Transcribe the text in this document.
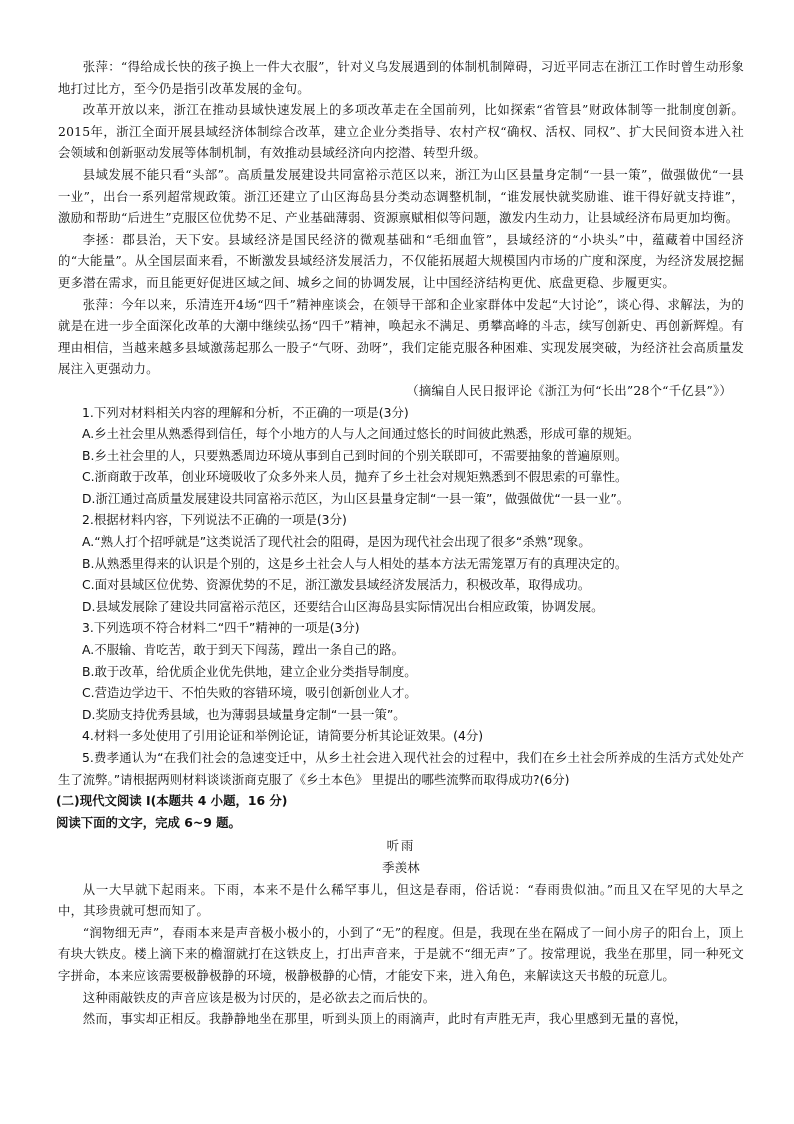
张萍：“得给成长快的孩子换上一件大衣服”，针对义乌发展遇到的体制机制障碍，习近平同志在浙江工作时曾生动形象地打过比方，至今仍是指引改革发展的金句。

改革开放以来，浙江在推动县域快速发展上的多项改革走在全国前列，比如探索“省管县”财政体制等一批制度创新。2015年，浙江全面开展县域经济体制综合改革，建立企业分类指导、农村产权“确权、活权、同权”、扩大民间资本进入社会领域和创新驱动发展等体制机制，有效推动县域经济向内挖潜、转型升级。

县域发展不能只看“头部”。高质量发展建设共同富裕示范区以来，浙江为山区县量身定制“一县一策”，做强做优“一县一业”，出台一系列超常规政策。浙江还建立了山区海岛县分类动态调整机制，“谁发展快就奖励谁、谁干得好就支持谁”，激励和帮助“后进生”克服区位优势不足、产业基础薄弱、资源禀赋相似等问题，激发内生动力，让县域经济布局更加均衡。

李拯：郡县治，天下安。县域经济是国民经济的微观基础和“毛细血管”，县域经济的“小块头”中，蕴藏着中国经济的“大能量”。从全国层面来看，不断激发县域经济发展活力，不仅能拓展超大规模国内市场的广度和深度，为经济发展挖掘更多潜在需求，而且能更好促进区域之间、城乡之间的协调发展，让中国经济结构更优、底盘更稳、步履更实。

张萍：今年以来，乐清连开4场“四千”精神座谈会，在领导干部和企业家群体中发起“大讨论”，谈心得、求解法，为的就是在进一步全面深化改革的大潮中继续弘扬“四千”精神，唤起永不满足、勇攀高峰的斗志，续写创新史、再创新辉煌。有理由相信，当越来越多县域激荡起那么一股子“气呀、劲呀”，我们定能克服各种困难、实现发展突破，为经济社会高质量发展注入更强动力。

（摘编自人民日报评论《浙江为何“长出”28个“千亿县”》）

1.下列对材料相关内容的理解和分析，不正确的一项是(3分)

A.乡土社会里从熟悉得到信任，每个小地方的人与人之间通过悠长的时间彼此熟悉，形成可靠的规矩。

B.乡土社会里的人，只要熟悉周边环境从事到自己到时间的个别关联即可，不需要抽象的普遍原则。

C.浙商敢于改革，创业环境吸收了众多外来人员，抛弃了乡土社会对规矩熟悉到不假思索的可靠性。

D.浙江通过高质量发展建设共同富裕示范区，为山区县量身定制“一县一策”，做强做优“一县一业”。

2.根据材料内容，下列说法不正确的一项是(3分)

A.“熟人打个招呼就是”这类说活了现代社会的阻碍，是因为现代社会出现了很多“杀熟”现象。

B.从熟悉里得来的认识是个别的，这是乡土社会人与人相处的基本方法无需笼罩万有的真理决定的。

C.面对县域区位优势、资源优势的不足，浙江激发县域经济发展活力，积极改革，取得成功。

D.县域发展除了建设共同富裕示范区，还要结合山区海岛县实际情况出台相应政策，协调发展。

3.下列选项不符合材料二“四千”精神的一项是(3分)

A.不服输、肯吃苦，敢于到天下闯荡，蹚出一条自己的路。

B.敢于改革，给优质企业优先供地，建立企业分类指导制度。

C.营造边学边干、不怕失败的容错环境，吸引创新创业人才。

D.奖励支持优秀县域，也为薄弱县域量身定制“一县一策”。

4.材料一多处使用了引用论证和举例论证，请简要分析其论证效果。(4分)

5.费孝通认为“在我们社会的急速变迁中，从乡土社会进入现代社会的过程中，我们在乡土社会所养成的生活方式处处产生了流弊。”请根据两则材料谈谈浙商克服了《乡土本色》 里提出的哪些流弊而取得成功?(6分)

(二)现代文阅读 I(本题共 4 小题，16 分)

阅读下面的文字，完成 6~9 题。

听雨

季羡林

从一大早就下起雨来。下雨，本来不是什么稀罕事儿，但这是春雨，俗话说：“春雨贵似油。”而且又在罕见的大旱之中，其珍贵就可想而知了。

“润物细无声”，春雨本来是声音极小极小的，小到了“无”的程度。但是，我现在坐在隔成了一间小房子的阳台上，顶上有块大铁皮。楼上滴下来的檐溜就打在这铁皮上，打出声音来，于是就不“细无声”了。按常理说，我坐在那里，同一种死文字拼命，本来应该需要极静极静的环境，极静极静的心情，才能安下来，进入角色，来解读这天书般的玩意儿。

这种雨敲铁皮的声音应该是极为讨厌的，是必欲去之而后快的。

然而，事实却正相反。我静静地坐在那里，听到头顶上的雨滴声，此时有声胜无声，我心里感到无量的喜悦，
